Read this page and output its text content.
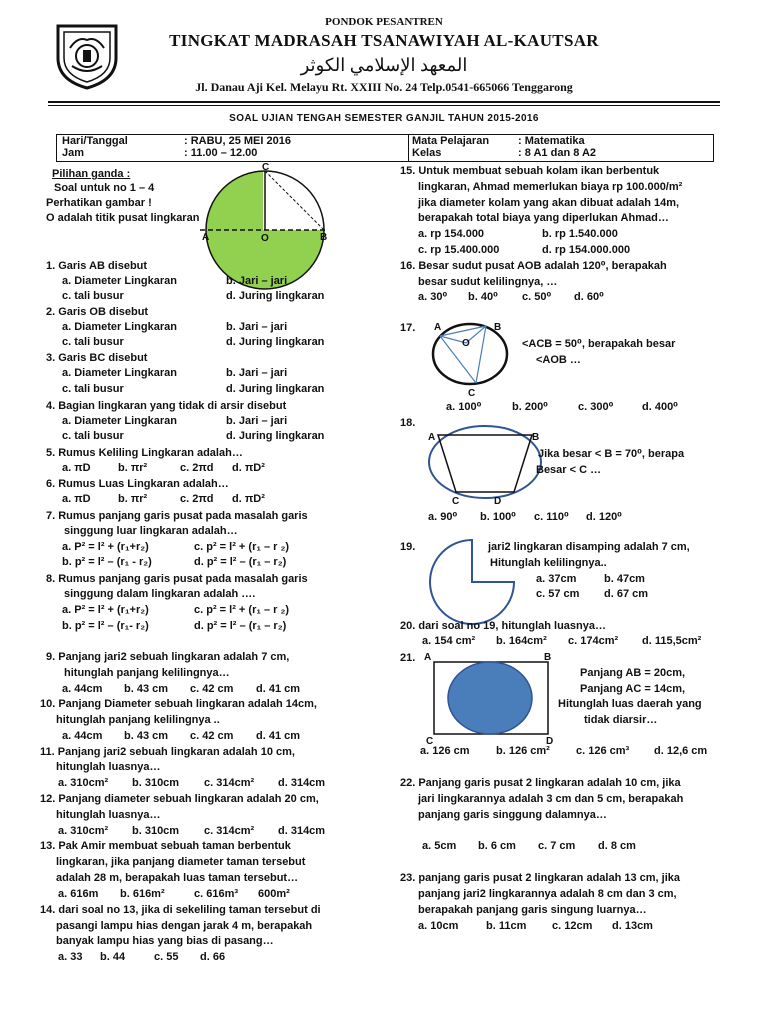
PONDOK PESANTREN
TINGKAT MADRASAH TSANAWIYAH AL-KAUTSAR
المعهد الإسلامي الكوثر
Jl. Danau Aji Kel. Melayu Rt. XXIII No. 24 Telp.0541-665066 Tenggarong
SOAL UJIAN TENGAH SEMESTER GANJIL TAHUN 2015-2016
Hari/Tanggal	: RABU, 25 MEI 2016
Jam	: 11.00 – 12.00
Mata Pelajaran	: Matematika
Kelas	: 8 A1 dan 8 A2
Pilihan ganda :
Soal untuk no 1 – 4
Perhatikan gambar !
O adalah titik pusat lingkaran
C
A	O	B
1. Garis AB disebut
a. Diameter Lingkaran	b. Jari – jari
c. tali busur	d. Juring lingkaran
2. Garis OB disebut
a. Diameter Lingkaran	b. Jari – jari
c. tali busur	d. Juring lingkaran
3. Garis BC disebut
a. Diameter Lingkaran	b. Jari – jari
c. tali busur	d. Juring lingkaran
4. Bagian lingkaran yang tidak di arsir disebut
a. Diameter Lingkaran	b. Jari – jari
c. tali busur	d. Juring lingkaran
5. Rumus Keliling Lingkaran adalah…
a. πD b. πr²	c. 2πd d. πD²
6. Rumus Luas Lingkaran adalah…
a. πD b. πr²	c. 2πd d. πD²
7. Rumus panjang garis pusat pada masalah garis
singgung luar lingkaran adalah…
a. P² = l² + (r₁+r₂)	c. p² = l² + (r₁ – r ₂)
b. p² = l² – (r₁ - r₂)	d. p² = l² – (r₁ – r₂)
8. Rumus panjang garis pusat pada masalah garis
singgung dalam lingkaran adalah ….
a. P² = l² + (r₁+r₂)	c. p² = l² + (r₁ – r ₂)
b. p² = l² – (r₁- r₂)	d. p² = l² – (r₁ – r₂)
9. Panjang jari2 sebuah lingkaran adalah 7 cm,
hitunglah panjang kelilingnya…
a. 44cm b. 43 cm c. 42 cm d. 41 cm
10. Panjang Diameter sebuah lingkaran adalah 14cm,
hitunglah panjang kelilingnya ..
a. 44cm b. 43 cm c. 42 cm d. 41 cm
11. Panjang jari2 sebuah lingkaran adalah 10 cm,
hitunglah luasnya…
a. 310cm² b. 310cm c. 314cm² d. 314cm
12. Panjang diameter sebuah lingkaran adalah 20 cm,
hitunglah luasnya…
a. 310cm² b. 310cm c. 314cm² d. 314cm
13. Pak Amir membuat sebuah taman berbentuk
lingkaran, jika panjang diameter taman tersebut
adalah 28 m, berapakah luas taman tersebut…
a. 616m b. 616m²	c. 616m³ 600m²
14. dari soal no 13, jika di sekeliling taman tersebut di
pasangi lampu hias dengan jarak 4 m, berapakah
banyak lampu hias yang bias di pasang…
a. 33 b. 44	c. 55 d. 66
15. Untuk membuat sebuah kolam ikan berbentuk
lingkaran, Ahmad memerlukan biaya rp 100.000/m²
jika diameter kolam yang akan dibuat adalah 14m,
berapakah total biaya yang diperlukan Ahmad…
a. rp 154.000	b. rp 1.540.000
c. rp 15.400.000	d. rp 154.000.000
16. Besar sudut pusat AOB adalah 120⁰, berapakah
besar sudut kelilingnya, …
a. 30⁰ b. 40⁰ c. 50⁰ d. 60⁰
17. A	B
O
C
<ACB = 50⁰, berapakah besar
<AOB …
a. 100⁰	b. 200⁰	c. 300⁰	d. 400⁰
18.
A	B
C	D
Jika besar < B = 70⁰, berapa
Besar < C …
a. 90⁰ b. 100⁰ c. 110⁰ d. 120⁰
19.	jari2 lingkaran disamping adalah 7 cm,
Hitunglah kelilingnya..
a. 37cm	b. 47cm
c. 57 cm d. 67 cm
20. dari soal no 19, hitunglah luasnya…
a. 154 cm² b. 164cm² c. 174cm² d. 115,5cm²
21. A	B
C	D
Panjang AB = 20cm,
Panjang AC = 14cm,
Hitunglah luas daerah yang
tidak diarsir…
a. 126 cm b. 126 cm² c. 126 cm³ d. 12,6 cm
22. Panjang garis pusat 2 lingkaran adalah 10 cm, jika
jari lingkarannya adalah 3 cm dan 5 cm, berapakah
panjang garis singgung dalamnya…
a. 5cm b. 6 cm c. 7 cm d. 8 cm
23. panjang garis pusat 2 lingkaran adalah 13 cm, jika
panjang jari2 lingkarannya adalah 8 cm dan 3 cm,
berapakah panjang garis singung luarnya…
a. 10cm	b. 11cm c. 12cm d. 13cm
